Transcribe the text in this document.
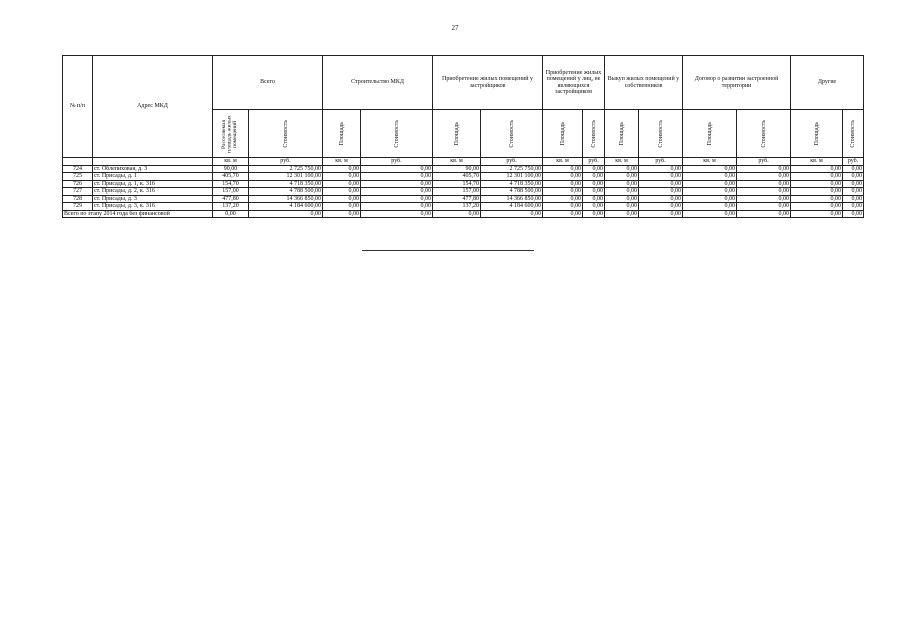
27
№ п/п	Адрес МКД	Всего		Строительство МКД		Приобретение жилых помещений у застройщиков		Приобретение жилых помещений у лиц, не являющихся застройщиком		Выкуп жилых помещений у собственников		Договор о развитии застроенной территории		Другие	

		Расселяемая площадь жилых помещений	Стоимость	Площадь	Стоимость	Площадь	Стоимость	Площадь	Стоимость	Площадь	Стоимость	Площадь	Стоимость	Площадь	Стоимость

		кв. м	руб.	кв. м	руб.	кв. м	руб.	кв. м	руб.	кв. м	руб.	кв. м	руб.	кв. м	руб.
724	ст. Облепиховая, д. 3	90,00	2 725 750,00	0,00	0,00	90,00	2 725 750,00	0,00	0,00	0,00	0,00	0,00	0,00	0,00	0,00
725	ст. Присады, д. 1	405,70	12 301 100,00	0,00	0,00	405,70	12 301 100,00	0,00	0,00	0,00	0,00	0,00	0,00	0,00	0,00
726	ст. Присады, д. 1, к. 316	154,70	4 718 350,00	0,00	0,00	154,70	4 718 350,00	0,00	0,00	0,00	0,00	0,00	0,00	0,00	0,00
727	ст. Присады, д. 2, к. 316	157,00	4 788 500,00	0,00	0,00	157,00	4 788 500,00	0,00	0,00	0,00	0,00	0,00	0,00	0,00	0,00
728	ст. Присады, д. 3	477,80	14 366 850,00	0,00	0,00	477,80	14 366 850,00	0,00	0,00	0,00	0,00	0,00	0,00	0,00	0,00
729	ст. Присады, д. 3, к. 316	137,20	4 184 600,00	0,00	0,00	137,20	4 184 600,00	0,00	0,00	0,00	0,00	0,00	0,00	0,00	0,00
Всего по этапу 2014 года без финансовой		0,00	0,00	0,00	0,00	0,00	0,00	0,00	0,00	0,00	0,00	0,00	0,00	0,00	0,00
